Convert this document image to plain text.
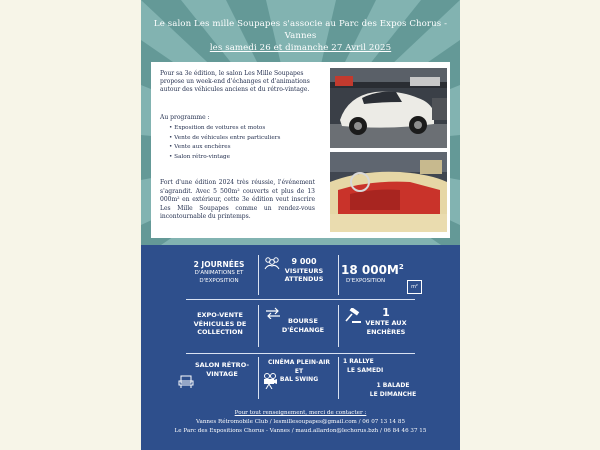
Le salon Les mille Soupapes s'associe au Parc des Expos Chorus - Vannes
les samedi 26 et dimanche 27 Avril 2025
Pour sa 3e édition, le salon Les Mille Soupapes propose un week-end d'échanges et d'animations autour des véhicules anciens et du rétro-vintage.
Au programme :
• Exposition de voitures et motos
• Vente de véhicules entre particuliers
• Vente aux enchères
• Salon rétro-vintage
Fort d'une édition 2024 très réussie, l'événement s'agrandit. Avec 5 500m² couverts et plus de 13 000m² en extérieur, cette 3e édition veut inscrire Les Mille Soupapes comme un rendez-vous incontournable du printemps.
2 JOURNÉES
D'ANIMATIONS ET D'EXPOSITION
9 000
VISITEURS ATTENDUS
18 $000M^2$
D'EXPOSITION
m²
EXPO-VENTE VÉHICULES DE COLLECTION
BOURSE D'ÉCHANGE
1
VENTE AUX ENCHÈRES
SALON RÉTRO-VINTAGE
CINÉMA PLEIN-AIR
ET
BAL SWING
1 RALLYE
LE SAMEDI
1 BALADE
LE DIMANCHE
Pour tout renseignement, merci de contacter :
Vannes Rétromobile Club / lesmillesoupapes@gmail.com / 06 07 13 14 85
Le Parc des Expositions Chorus - Vannes / maud.allardon@lechorus.bzh / 06 84 46 37 15
